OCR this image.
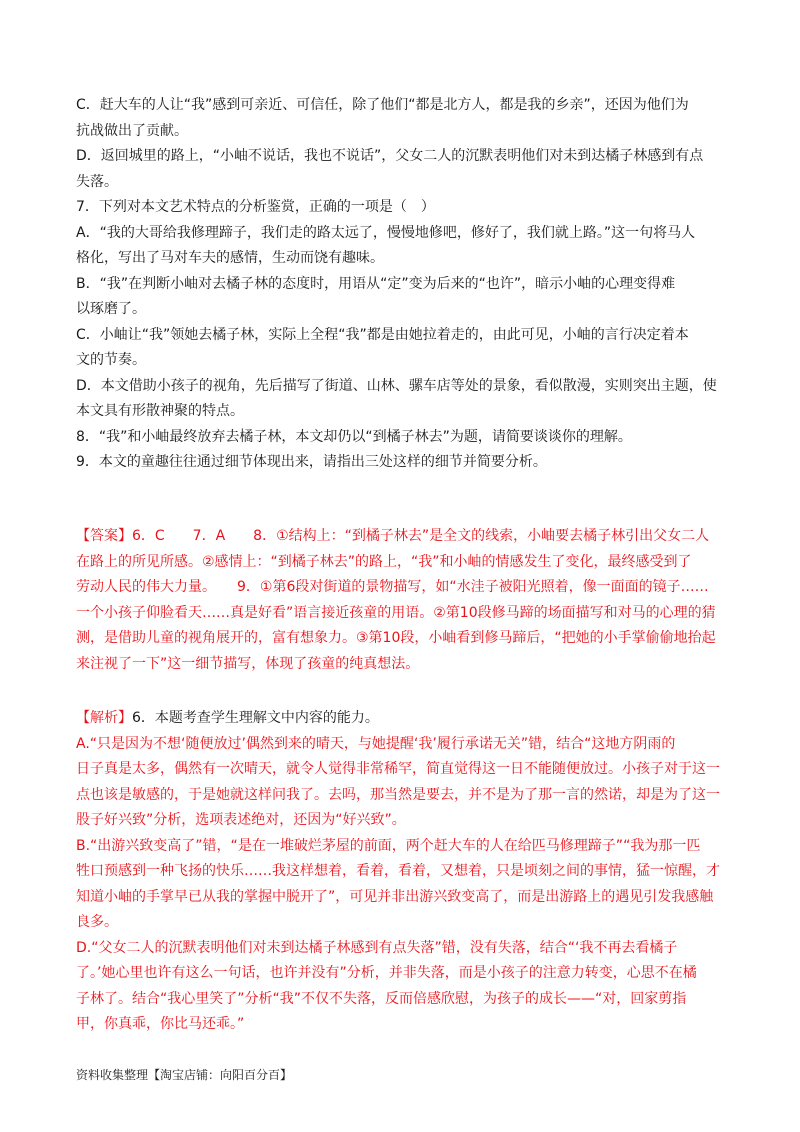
C．赶大车的人让“我”感到可亲近、可信任，除了他们“都是北方人，都是我的乡亲”，还因为他们为
抗战做出了贡献。
D．返回城里的路上，“小岫不说话，我也不说话”，父女二人的沉默表明他们对未到达橘子林感到有点
失落。
7．下列对本文艺术特点的分析鉴赏，正确的一项是（　）
A．“我的大哥给我修理蹄子，我们走的路太远了，慢慢地修吧，修好了，我们就上路。”这一句将马人
格化，写出了马对车夫的感情，生动而饶有趣味。
B．“我”在判断小岫对去橘子林的态度时，用语从“定”变为后来的“也许”，暗示小岫的心理变得难
以琢磨了。
C．小岫让“我”领她去橘子林，实际上全程“我”都是由她拉着走的，由此可见，小岫的言行决定着本
文的节奏。
D．本文借助小孩子的视角，先后描写了街道、山林、骡车店等处的景象，看似散漫，实则突出主题，使
本文具有形散神聚的特点。
8．“我”和小岫最终放弃去橘子林，本文却仍以“到橘子林去”为题，请简要谈谈你的理解。
9．本文的童趣往往通过细节体现出来，请指出三处这样的细节并简要分析。
【答案】6．C　　7．A　　8．①结构上：“到橘子林去”是全文的线索，小岫要去橘子林引出父女二人
在路上的所见所感。②感情上：“到橘子林去”的路上，“我”和小岫的情感发生了变化，最终感受到了
劳动人民的伟大力量。　　9．①第6段对街道的景物描写，如“水洼子被阳光照着，像一面面的镜子……
一个小孩子仰脸看天……真是好看”语言接近孩童的用语。②第10段修马蹄的场面描写和对马的心理的猜
测，是借助儿童的视角展开的，富有想象力。③第10段，小岫看到修马蹄后，“把她的小手掌偷偷地抬起
来注视了一下”这一细节描写，体现了孩童的纯真想法。
【解析】6．本题考查学生理解文中内容的能力。
A.“只是因为不想‘随便放过’偶然到来的晴天，与她提醒‘我’履行承诺无关”错，结合“这地方阴雨的
日子真是太多，偶然有一次晴天，就令人觉得非常稀罕，简直觉得这一日不能随便放过。小孩子对于这一
点也该是敏感的，于是她就这样问我了。去吗，那当然是要去，并不是为了那一言的然诺，却是为了这一
股子好兴致”分析，选项表述绝对，还因为“好兴致”。
B.“出游兴致变高了”错，“是在一堆破烂茅屋的前面，两个赶大车的人在给匹马修理蹄子”“我为那一匹
牲口预感到一种飞扬的快乐……我这样想着，看着，看着，又想着，只是顷刻之间的事情，猛一惊醒，才
知道小岫的手掌早已从我的掌握中脱开了”，可见并非出游兴致变高了，而是出游路上的遇见引发我感触
良多。
D.“父女二人的沉默表明他们对未到达橘子林感到有点失落”错，没有失落，结合“‘我不再去看橘子
了。’她心里也许有这么一句话，也许并没有”分析，并非失落，而是小孩子的注意力转变，心思不在橘
子林了。结合“我心里笑了”分析“我”不仅不失落，反而倍感欣慰，为孩子的成长——“对，回家剪指
甲，你真乖，你比马还乖。”
资料收集整理【淘宝店铺：向阳百分百】
